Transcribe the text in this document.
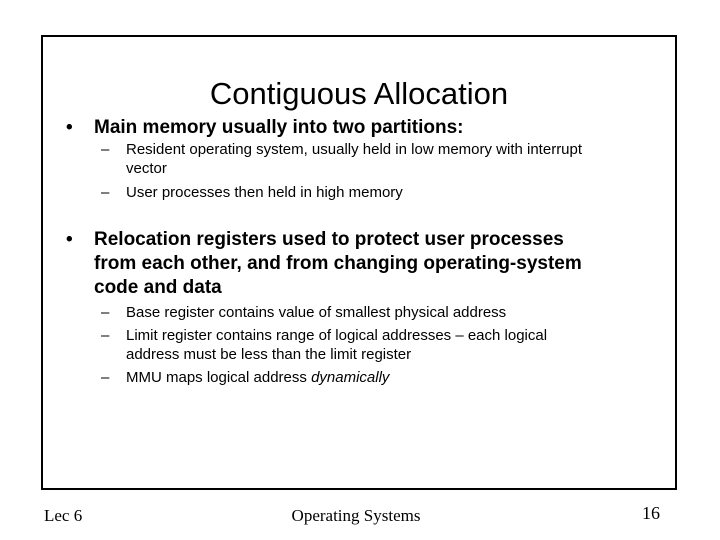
Contiguous Allocation
•	Main memory usually into two partitions:
–	Resident operating system, usually held in low memory with interrupt vector
–	User processes then held in high memory
•	Relocation registers used to protect user processes from each other, and from changing operating-system code and data
–	Base register contains value of smallest physical address
–	Limit register contains range of logical addresses – each logical address must be less than the limit register
–	MMU maps logical address dynamically
Lec 6	Operating Systems	16
